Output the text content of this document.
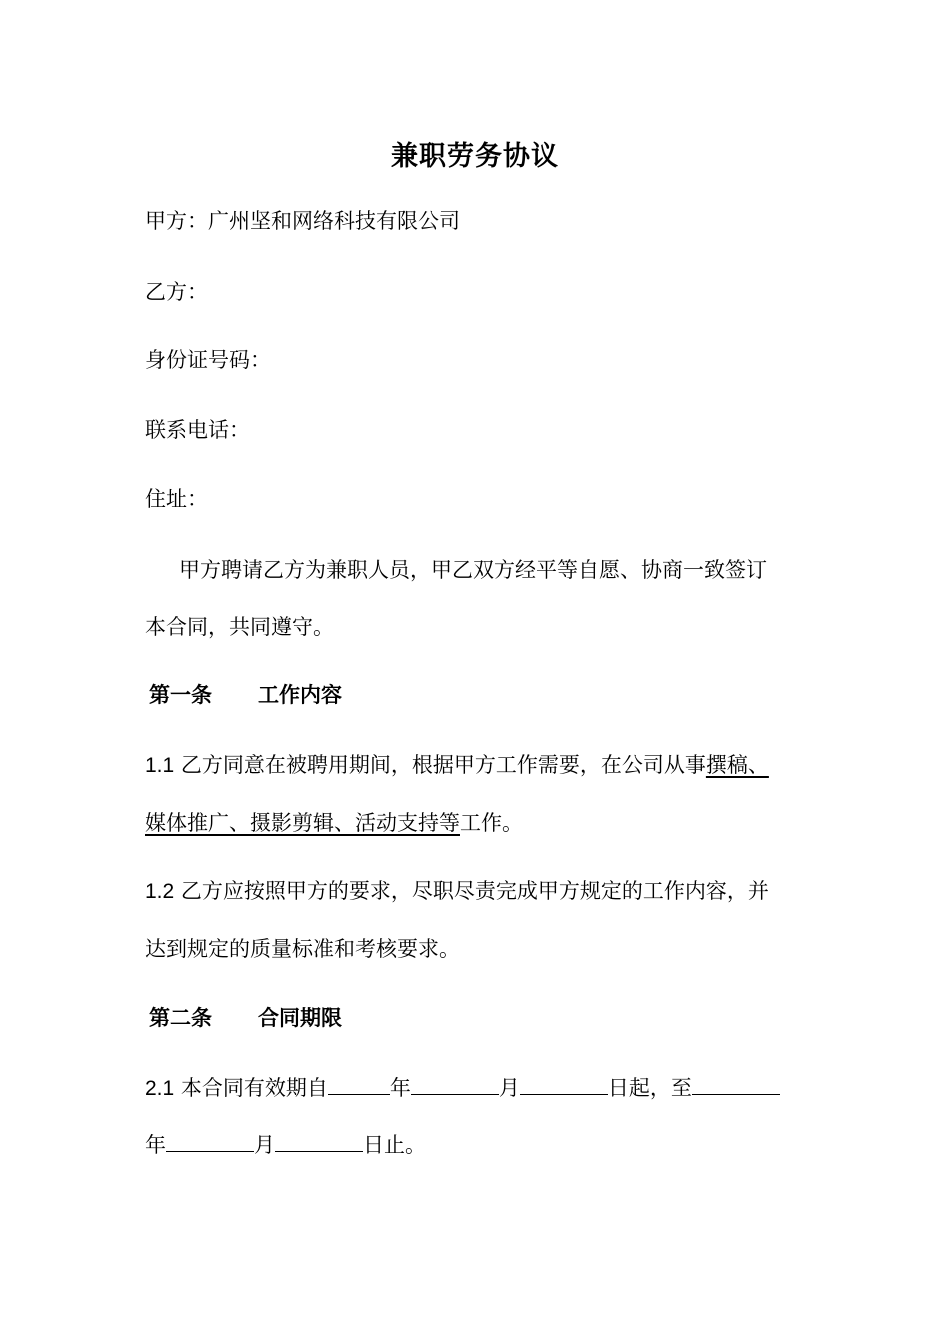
兼职劳务协议
甲方：广州坚和网络科技有限公司
乙方：
身份证号码：
联系电话：
住址：
甲方聘请乙方为兼职人员，甲乙双方经平等自愿、协商一致签订
本合同，共同遵守。
第一条 工作内容
1.1 乙方同意在被聘用期间，根据甲方工作需要，在公司从事撰稿、
媒体推广、摄影剪辑、活动支持等工作。
1.2 乙方应按照甲方的要求，尽职尽责完成甲方规定的工作内容，并
达到规定的质量标准和考核要求。
第二条 合同期限
2.1 本合同有效期自	年	月	日起，至
年	月	日止。
